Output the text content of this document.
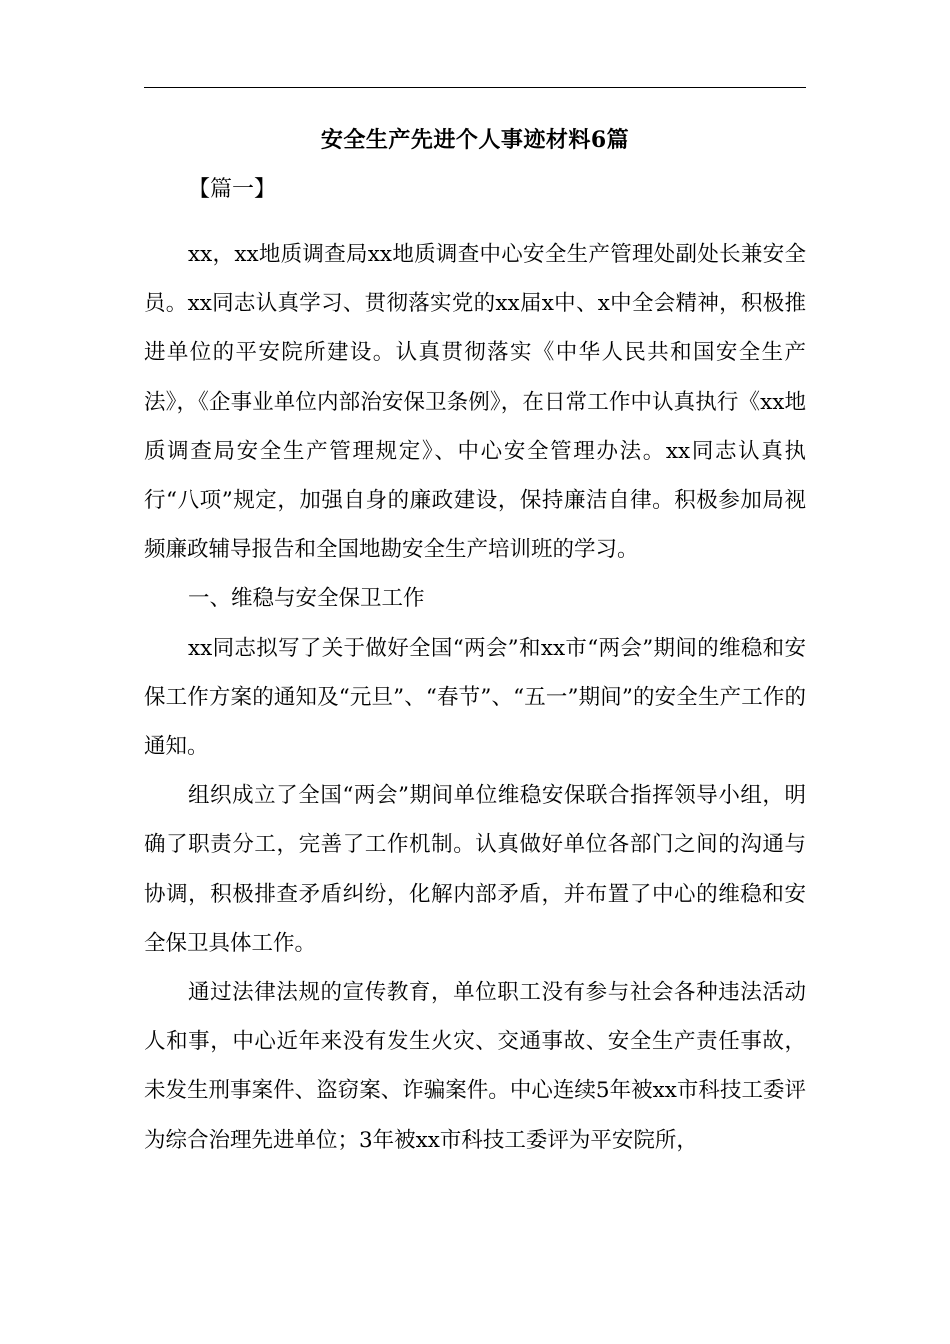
安全生产先进个人事迹材料6篇
【篇一】

xx，xx地质调查局xx地质调查中心安全生产管理处副处长兼安全员。xx同志认真学习、贯彻落实党的xx届x中、x中全会精神，积极推进单位的平安院所建设。认真贯彻落实《中华人民共和国安全生产法》，《企事业单位内部治安保卫条例》，在日常工作中认真执行《xx地质调查局安全生产管理规定》、中心安全管理办法。xx同志认真执行“八项”规定，加强自身的廉政建设，保持廉洁自律。积极参加局视频廉政辅导报告和全国地勘安全生产培训班的学习。

一、维稳与安全保卫工作

xx同志拟写了关于做好全国“两会”和xx市“两会”期间的维稳和安保工作方案的通知及“元旦”、“春节”、“五一”期间”的安全生产工作的通知。

组织成立了全国“两会”期间单位维稳安保联合指挥领导小组，明确了职责分工，完善了工作机制。认真做好单位各部门之间的沟通与协调，积极排查矛盾纠纷，化解内部矛盾，并布置了中心的维稳和安全保卫具体工作。

通过法律法规的宣传教育，单位职工没有参与社会各种违法活动人和事，中心近年来没有发生火灾、交通事故、安全生产责任事故，未发生刑事案件、盗窃案、诈骗案件。中心连续5年被xx市科技工委评为综合治理先进单位；3年被xx市科技工委评为平安院所，
